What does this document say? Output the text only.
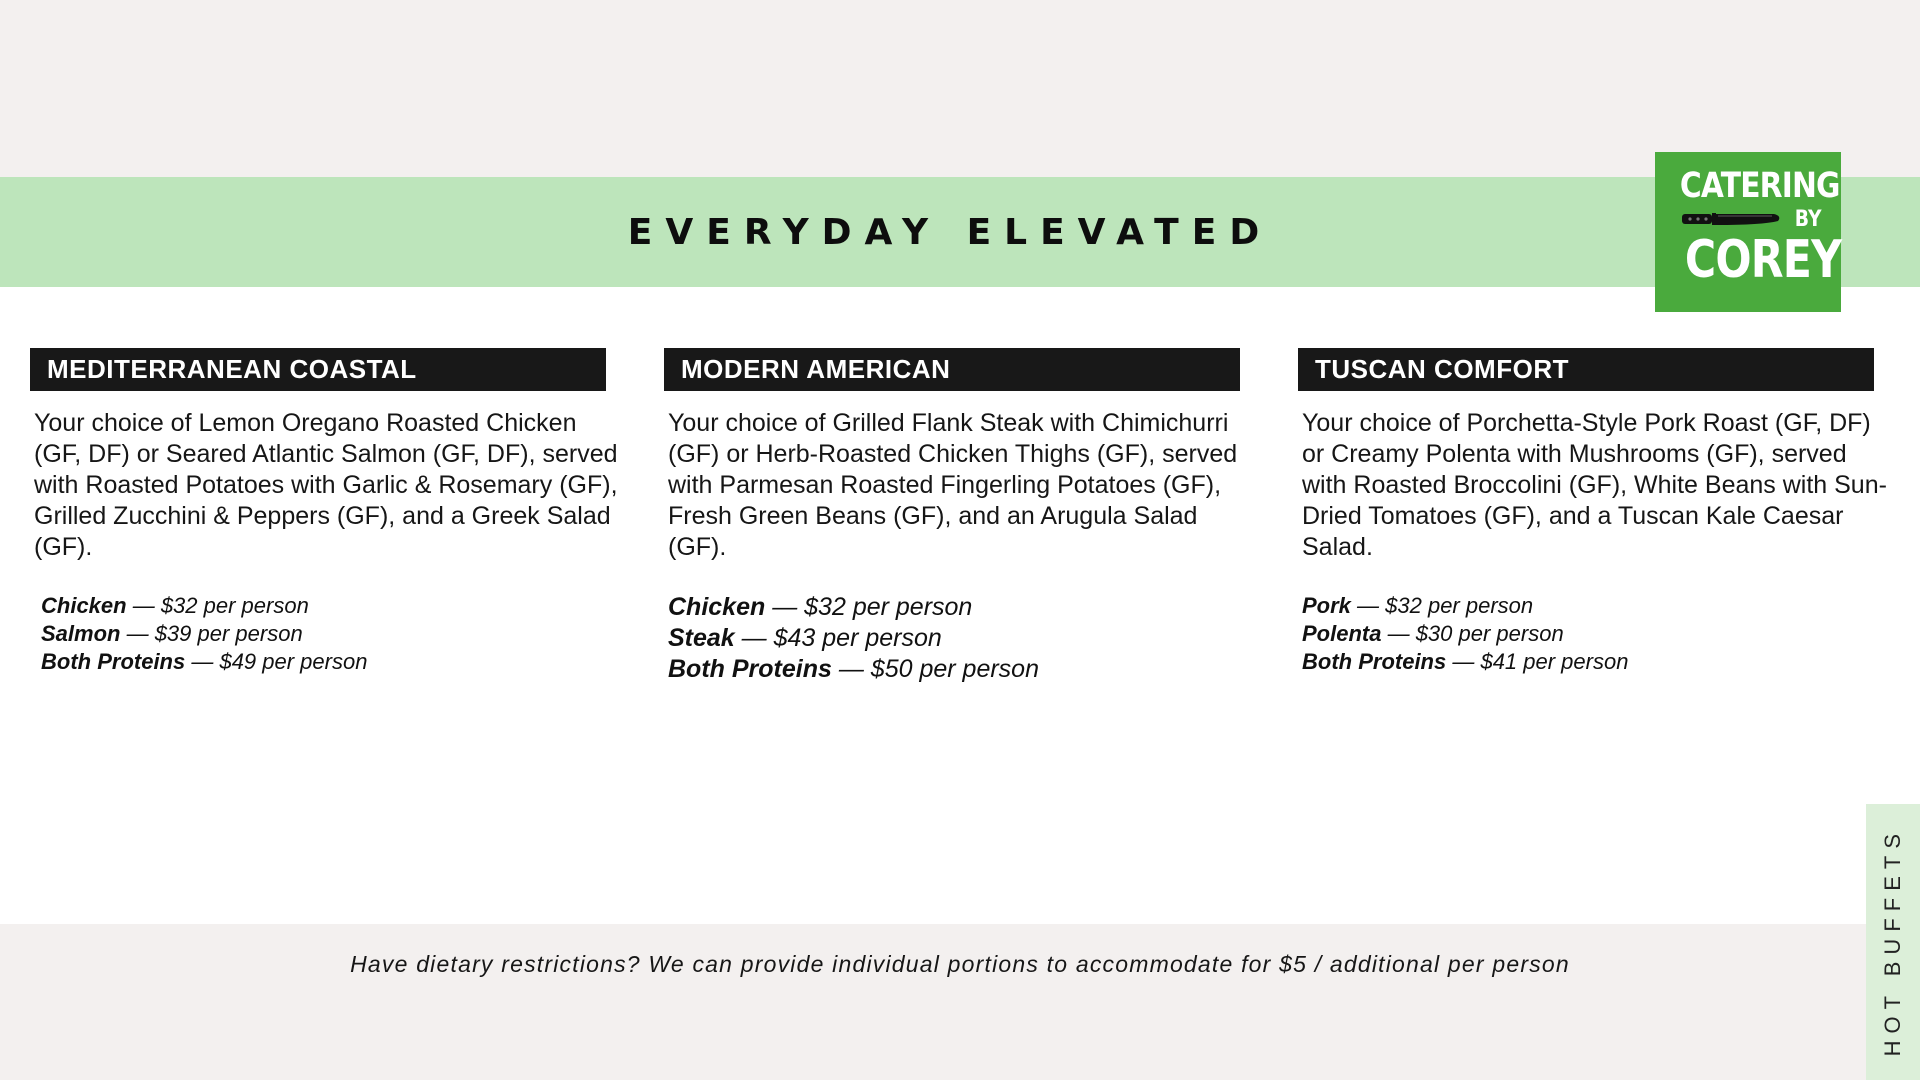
EVERYDAY ELEVATED
CATERING
BY
COREY
MEDITERRANEAN COASTAL
Your choice of Lemon Oregano Roasted Chicken (GF, DF) or Seared Atlantic Salmon (GF, DF), served with Roasted Potatoes with Garlic & Rosemary (GF), Grilled Zucchini & Peppers (GF), and a Greek Salad (GF).
Chicken — $32 per person
Salmon — $39 per person
Both Proteins — $49 per person
MODERN AMERICAN
Your choice of Grilled Flank Steak with Chimichurri (GF) or Herb-Roasted Chicken Thighs (GF), served with Parmesan Roasted Fingerling Potatoes (GF), Fresh Green Beans (GF), and an Arugula Salad (GF).
Chicken — $32 per person
Steak — $43 per person
Both Proteins — $50 per person
TUSCAN COMFORT
Your choice of Porchetta-Style Pork Roast (GF, DF) or Creamy Polenta with Mushrooms (GF), served with Roasted Broccolini (GF), White Beans with Sun-Dried Tomatoes (GF), and a Tuscan Kale Caesar Salad.
Pork — $32 per person
Polenta — $30 per person
Both Proteins — $41 per person
Have dietary restrictions? We can provide individual portions to accommodate for $5 / additional per person	HOT BUFFETS
